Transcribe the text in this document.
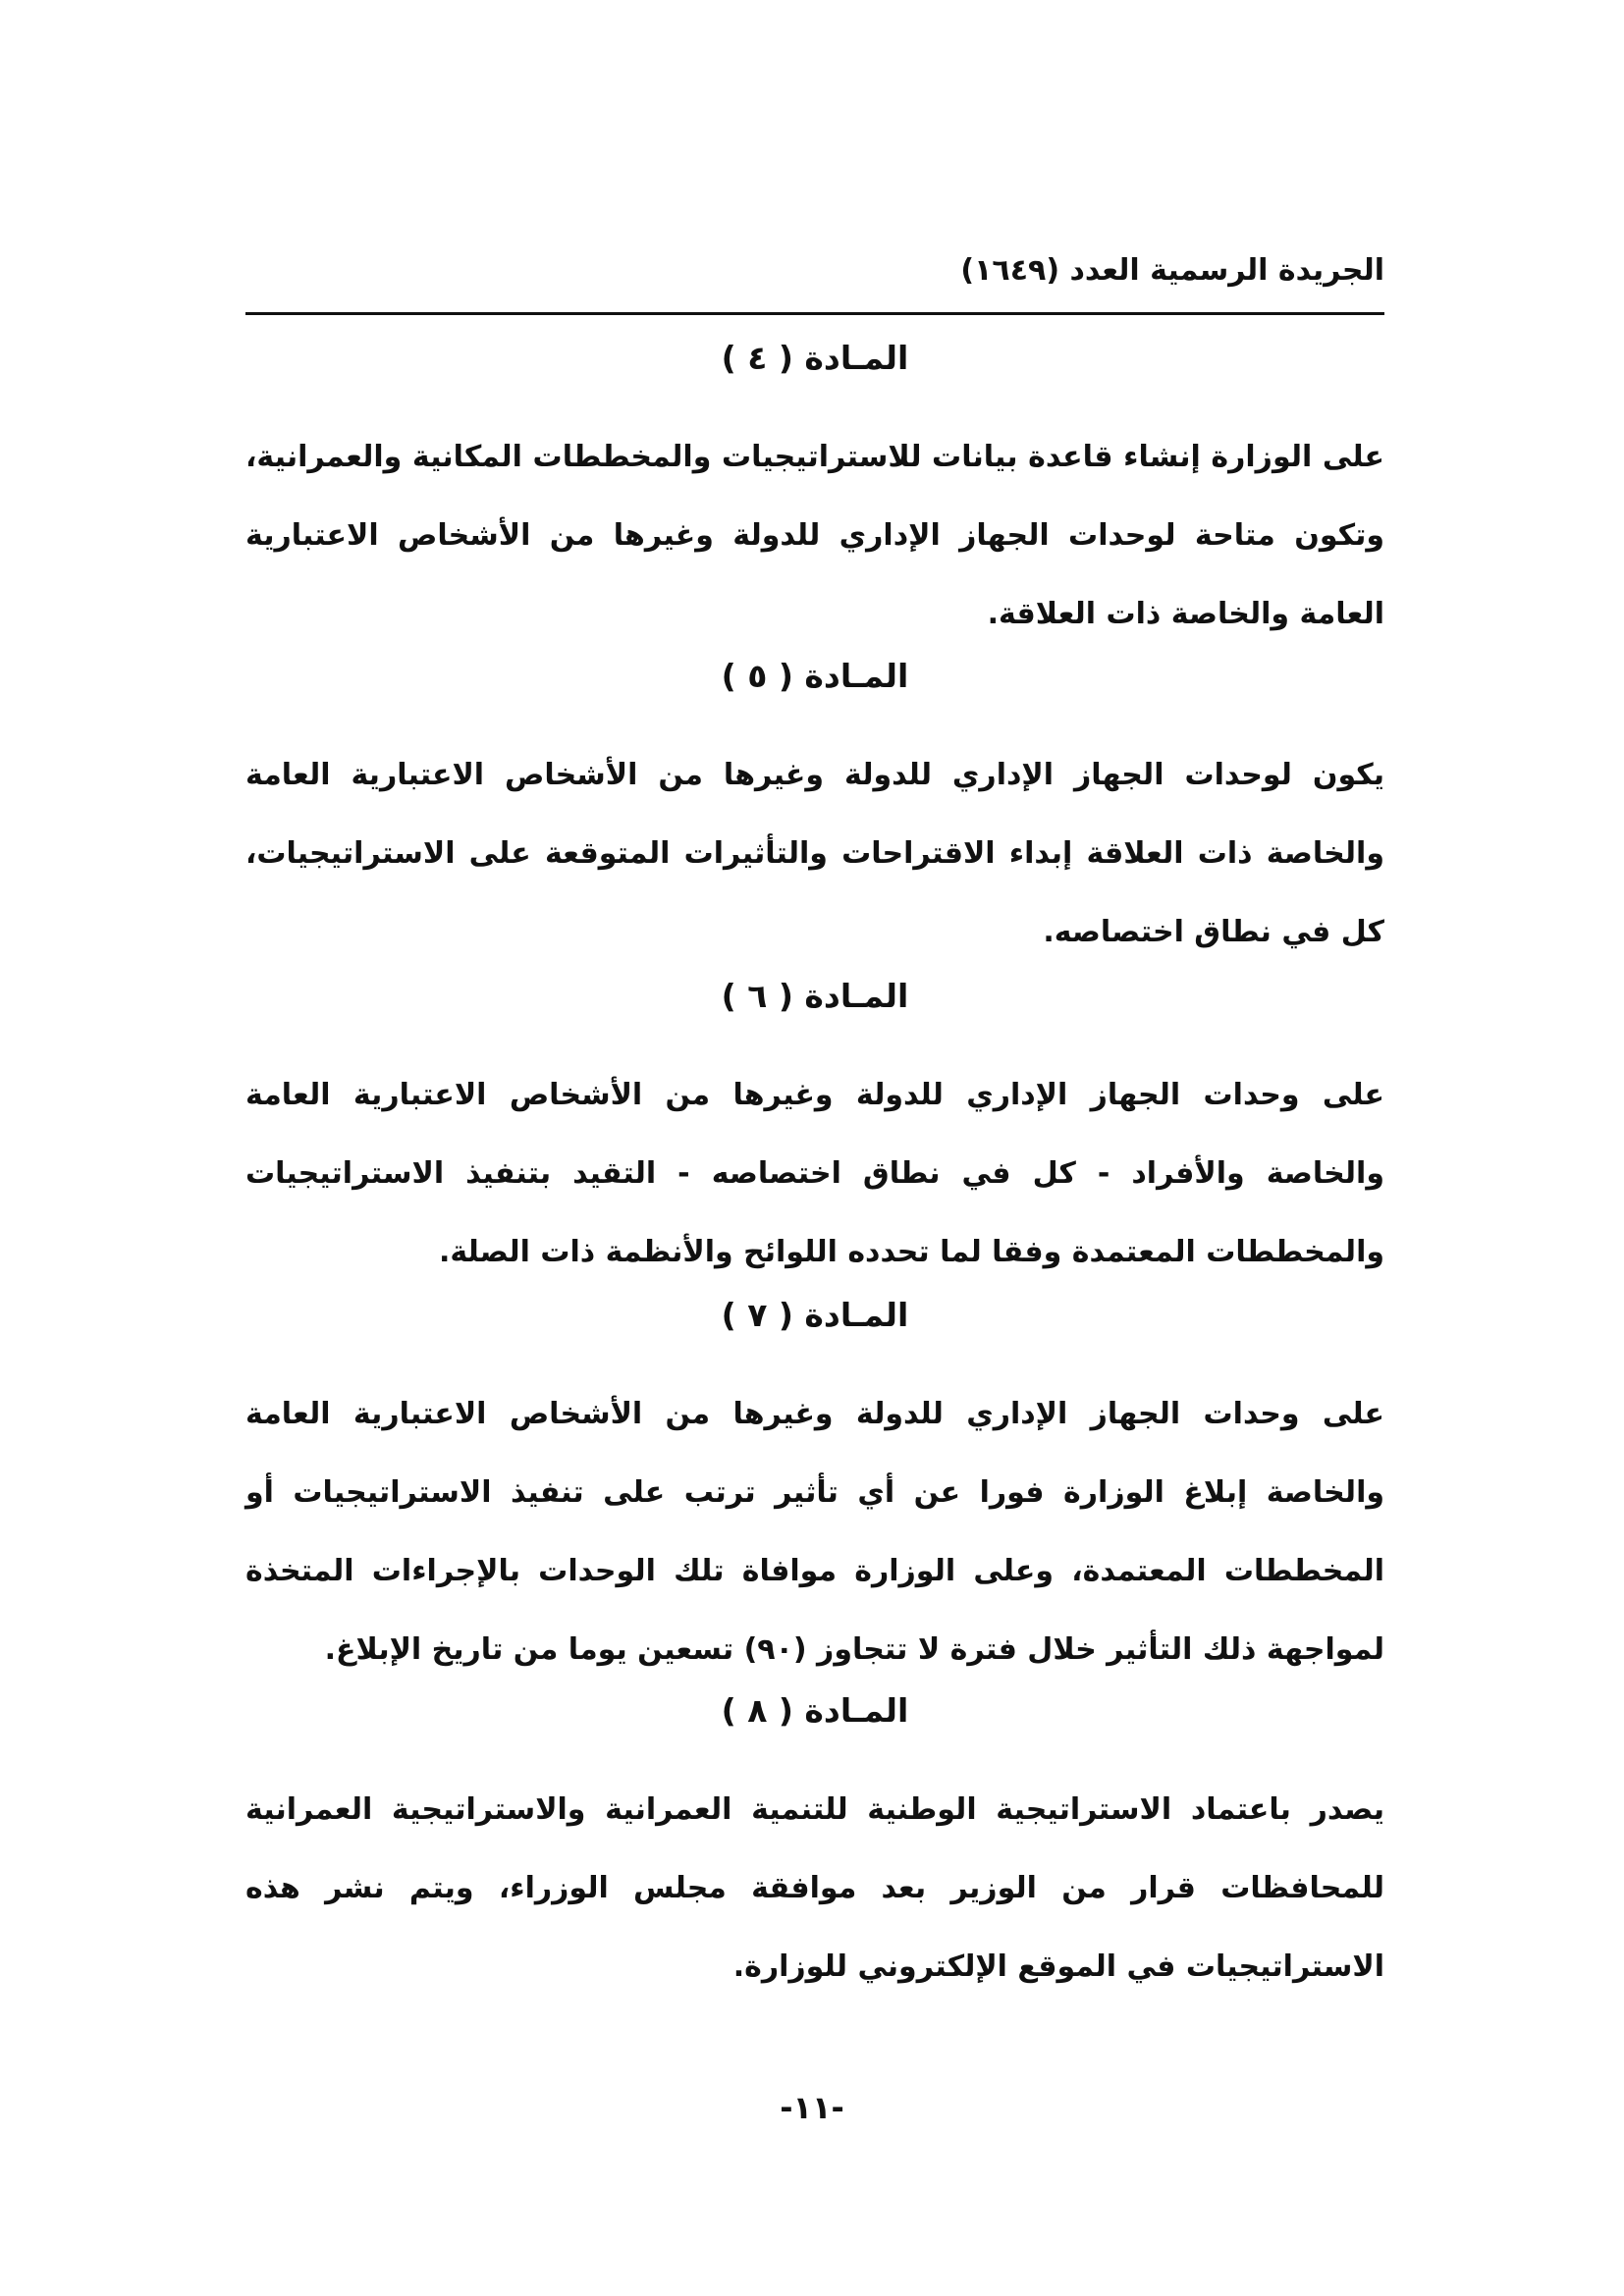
الجريدة الرسمية العدد (١٦٤٩)
المـادة ( ٤ )
على الوزارة إنشاء قاعدة بيانات للاستراتيجيات والمخططات المكانية والعمرانية، وتكون متاحة لوحدات الجهاز الإداري للدولة وغيرها من الأشخاص الاعتبارية العامة والخاصة ذات العلاقة.
المـادة ( ٥ )
يكون لوحدات الجهاز الإداري للدولة وغيرها من الأشخاص الاعتبارية العامة والخاصة ذات العلاقة إبداء الاقتراحات والتأثيرات المتوقعة على الاستراتيجيات، كل في نطاق اختصاصه.
المـادة ( ٦ )
على وحدات الجهاز الإداري للدولة وغيرها من الأشخاص الاعتبارية العامة والخاصة والأفراد - كل في نطاق اختصاصه - التقيد بتنفيذ الاستراتيجيات والمخططات المعتمدة وفقا لما تحدده اللوائح والأنظمة ذات الصلة.
المـادة ( ٧ )
على وحدات الجهاز الإداري للدولة وغيرها من الأشخاص الاعتبارية العامة والخاصة إبلاغ الوزارة فورا عن أي تأثير ترتب على تنفيذ الاستراتيجيات أو المخططات المعتمدة، وعلى الوزارة موافاة تلك الوحدات بالإجراءات المتخذة لمواجهة ذلك التأثير خلال فترة لا تتجاوز (٩٠) تسعين يوما من تاريخ الإبلاغ.
المـادة ( ٨ )
يصدر باعتماد الاستراتيجية الوطنية للتنمية العمرانية والاستراتيجية العمرانية للمحافظات قرار من الوزير بعد موافقة مجلس الوزراء، ويتم نشر هذه الاستراتيجيات في الموقع الإلكتروني للوزارة.
-١١-
